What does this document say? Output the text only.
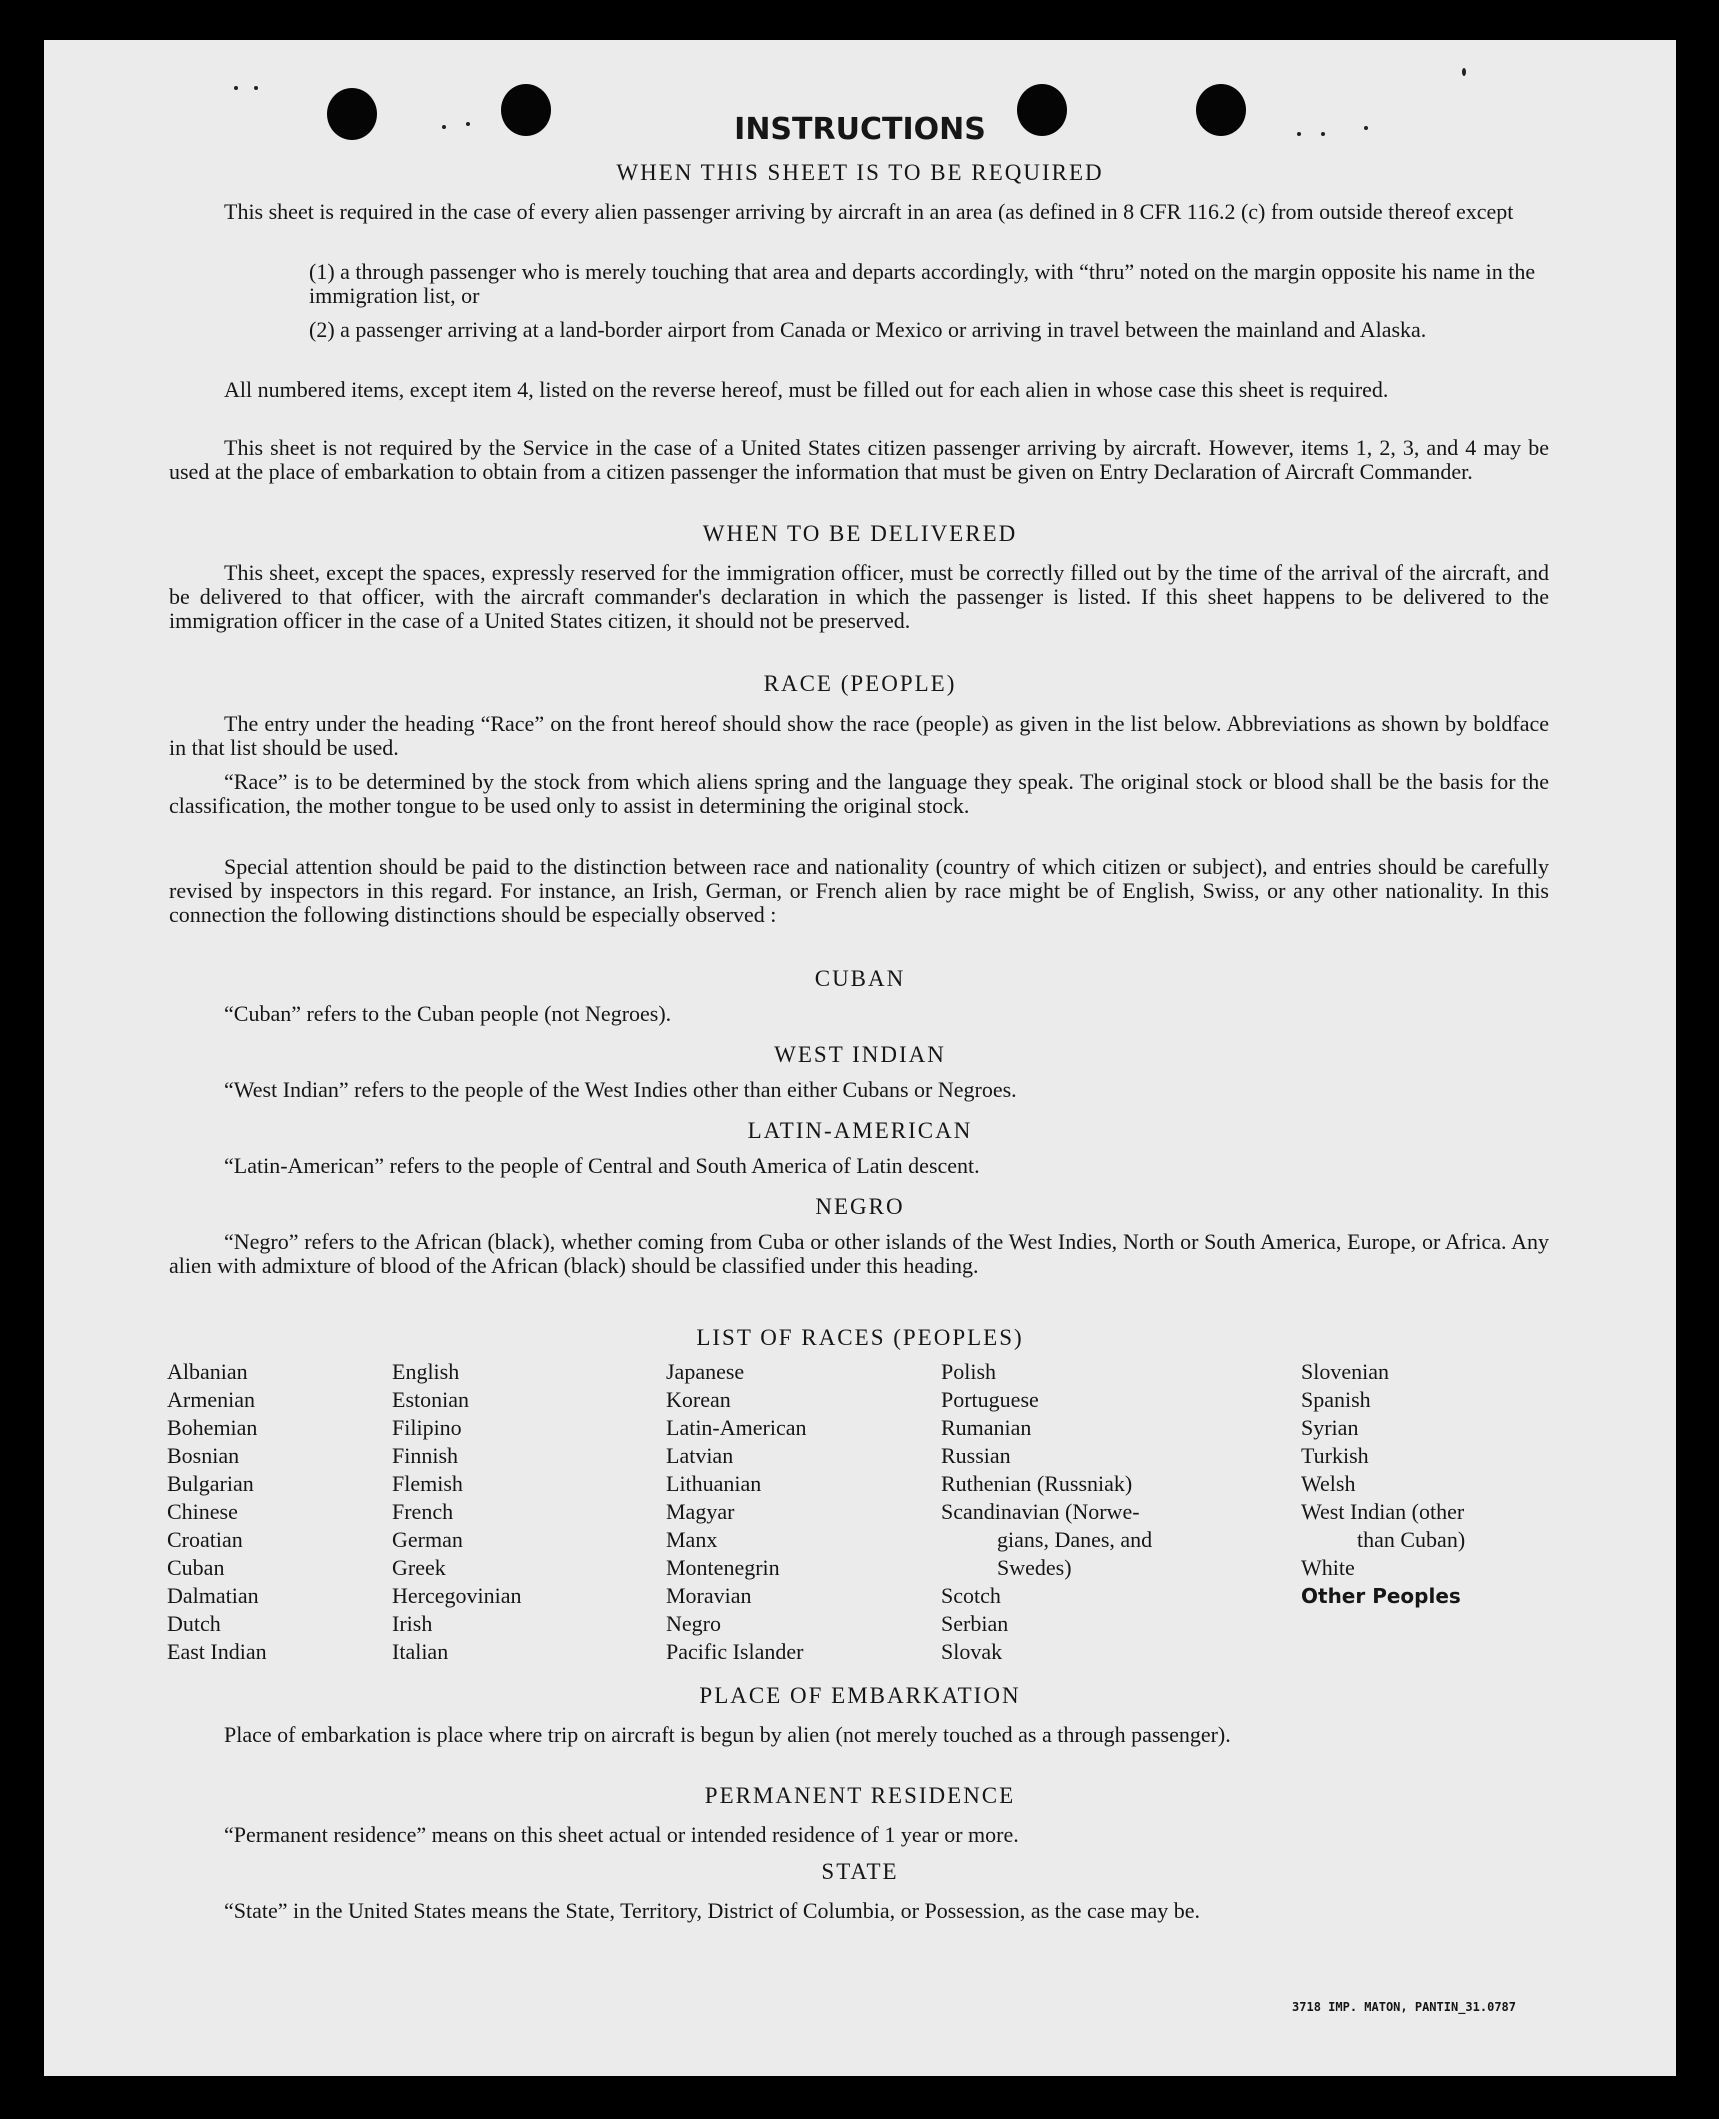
INSTRUCTIONS
WHEN THIS SHEET IS TO BE REQUIRED

This sheet is required in the case of every alien passenger arriving by aircraft in an area (as defined in 8 CFR 116.2 (c) from outside thereof except

(1) a through passenger who is merely touching that area and departs accordingly, with “thru” noted on the margin opposite his name in the immigration list, or
(2) a passenger arriving at a land-border airport from Canada or Mexico or arriving in travel between the mainland and Alaska.

All numbered items, except item 4, listed on the reverse hereof, must be filled out for each alien in whose case this sheet is required.

This sheet is not required by the Service in the case of a United States citizen passenger arriving by aircraft. However, items 1, 2, 3, and 4 may be used at the place of embarkation to obtain from a citizen passenger the information that must be given on Entry Declaration of Aircraft Commander.

WHEN TO BE DELIVERED

This sheet, except the spaces, expressly reserved for the immigration officer, must be correctly filled out by the time of the arrival of the aircraft, and be delivered to that officer, with the aircraft commander's declaration in which the passenger is listed. If this sheet happens to be delivered to the immigration officer in the case of a United States citizen, it should not be preserved.

RACE (PEOPLE)

The entry under the heading “Race” on the front hereof should show the race (people) as given in the list below. Abbreviations as shown by boldface in that list should be used.

“Race” is to be determined by the stock from which aliens spring and the language they speak. The original stock or blood shall be the basis for the classification, the mother tongue to be used only to assist in determining the original stock.

Special attention should be paid to the distinction between race and nationality (country of which citizen or subject), and entries should be carefully revised by inspectors in this regard. For instance, an Irish, German, or French alien by race might be of English, Swiss, or any other nationality. In this connection the following distinctions should be especially observed :

CUBAN

“Cuban” refers to the Cuban people (not Negroes).

WEST INDIAN

“West Indian” refers to the people of the West Indies other than either Cubans or Negroes.

LATIN-AMERICAN

“Latin-American” refers to the people of Central and South America of Latin descent.

NEGRO

“Negro” refers to the African (black), whether coming from Cuba or other islands of the West Indies, North or South America, Europe, or Africa. Any alien with admixture of blood of the African (black) should be classified under this heading.

LIST OF RACES (PEOPLES)
Albanian
Armenian
Bohemian
Bosnian
Bulgarian
Chinese
Croatian
Cuban
Dalmatian
Dutch
East Indian
English
Estonian
Filipino
Finnish
Flemish
French
German
Greek
Hercegovinian
Irish
Italian
Japanese
Korean
Latin-American
Latvian
Lithuanian
Magyar
Manx
Montenegrin
Moravian
Negro
Pacific Islander
Polish
Portuguese
Rumanian
Russian
Ruthenian (Russniak)
Scandinavian (Norwe-
gians, Danes, and
Swedes)
Scotch
Serbian
Slovak
Slovenian
Spanish
Syrian
Turkish
Welsh
West Indian (other
than Cuban)
White
Other Peoples
PLACE OF EMBARKATION

Place of embarkation is place where trip on aircraft is begun by alien (not merely touched as a through passenger).

PERMANENT RESIDENCE

“Permanent residence” means on this sheet actual or intended residence of 1 year or more.

STATE

“State” in the United States means the State, Territory, District of Columbia, or Possession, as the case may be.

3718 IMP. MATON, PANTIN_31.0787
